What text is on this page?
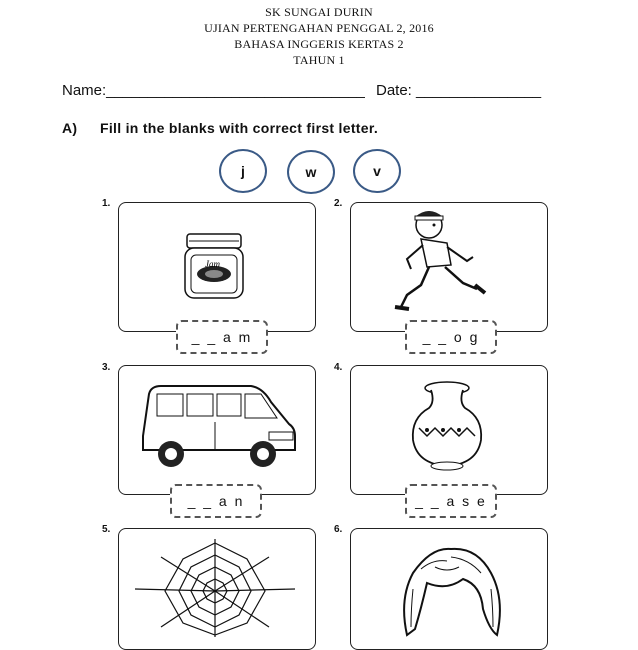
SK SUNGAI DURIN
UJIAN PERTENGAHAN PENGGAL 2, 2016
BAHASA INGGERIS KERTAS 2
TAHUN 1
Name:_______________________________ Date: _______________
A) Fill in the blanks with correct first letter.
j	w	v
1.
Jam
_ _ a m
2.
_ _ o g
3.
_ _ a n
4.
_ _ a s e
5.	6.
